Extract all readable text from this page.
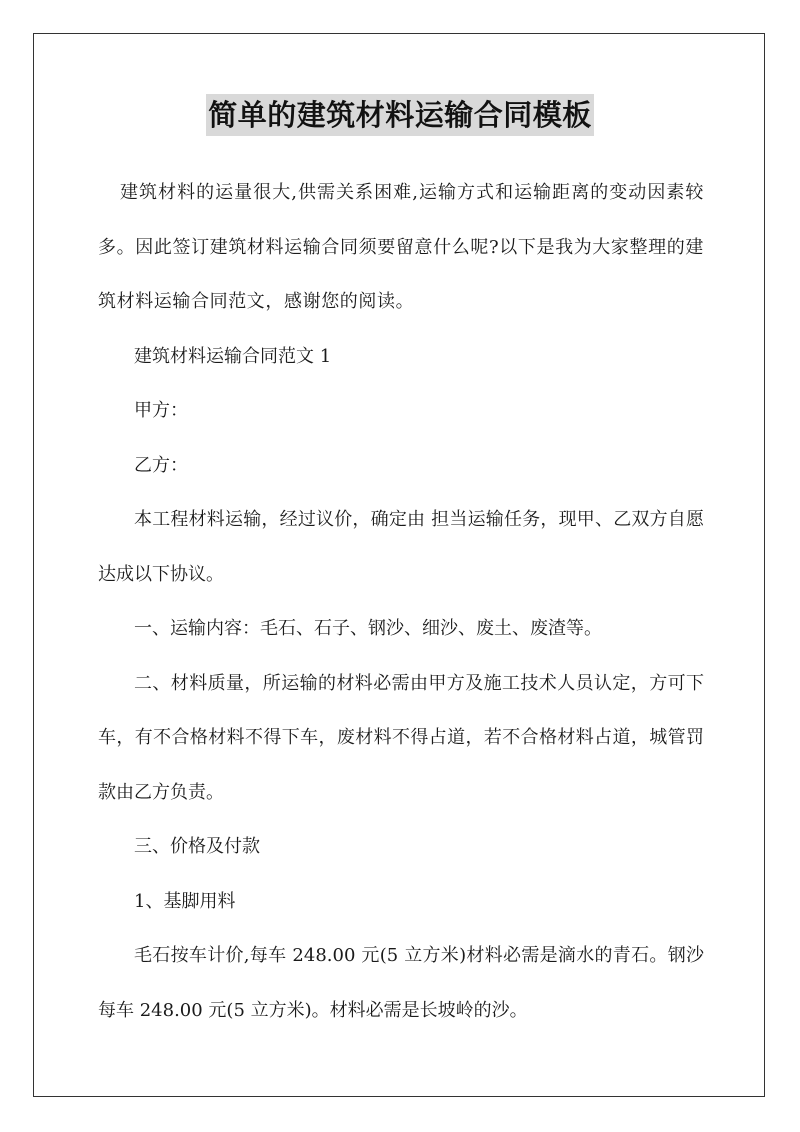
简单的建筑材料运输合同模板

建筑材料的运量很大,供需关系困难,运输方式和运输距离的变动因素较多。因此签订建筑材料运输合同须要留意什么呢?以下是我为大家整理的建筑材料运输合同范文，感谢您的阅读。

建筑材料运输合同范文 1

甲方：

乙方：

本工程材料运输，经过议价，确定由 担当运输任务，现甲、乙双方自愿达成以下协议。

一、运输内容：毛石、石子、钢沙、细沙、废土、废渣等。

二、材料质量，所运输的材料必需由甲方及施工技术人员认定，方可下车，有不合格材料不得下车，废材料不得占道，若不合格材料占道，城管罚款由乙方负责。

三、价格及付款

1、基脚用料

毛石按车计价,每车 248.00 元(5 立方米)材料必需是滴水的青石。钢沙每车 248.00 元(5 立方米)。材料必需是长坡岭的沙。
